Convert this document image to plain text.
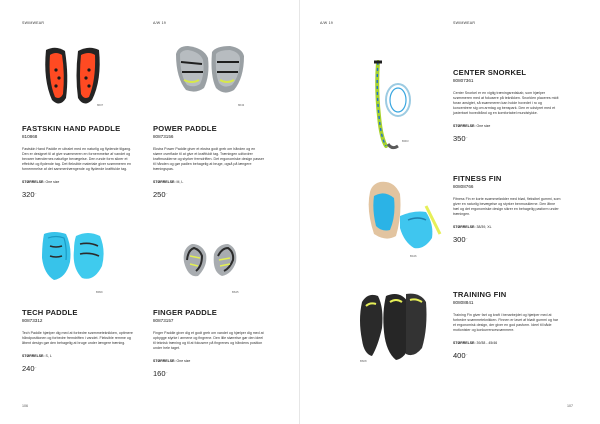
SWIMWEAR	A/W 19	A/W 19	SWIMWEAR
8607	8643
B999	B645
B003
B446
B608
FASTSKIN HAND PADDLE
810868
Fastskin Hand Paddle er ultralet med en naturlig og flydende tilgang. Den er designet til at give svømmeren en fornemmelse af vandet og bevarer hændernes naturlige bevægelse. Den runde form sikrer et effektivt og flydende tag. Det fleksible materiale giver svømmeren en fornemmelse af det sammenhængende og flydende kraftfulde tag.
STØRRELSE: One size
320,-
POWER PADDLE
80873156
Ekstra Power Paddle giver et ekstra godt greb om hånden og en større overflade til at give et kraftfuldt tag. Træningen udfordrer kraftmusklerne og styrker fremdriften. Det ergonomiske design passer til hånden og gør padlen behagelig at bruge, også på længere træningspas.
STØRRELSE: M, L
250,-
TECH PADDLE
80873312
Tech Paddle hjælper dig med at forbedre svømmeteknikken, optimere håndpositionen og forbedre fremdriften i vandet. Fleksible remme og åbent design gør den behagelig at bruge under længere træning.
STØRRELSE: S, L
240,-
FINGER PADDLE
80873157
Finger Paddle giver dig et godt greb om vandet og hjælper dig med at opbygge styrke i armene og fingrene. Den lille størrelse gør den ideel til teknisk træning og til at fokusere på fingrenes og håndens position under hele taget.
STØRRELSE: One size
160,-
CENTER SNORKEL
80807361
Center Snorkel er en vigtig træningsredskab, som hjælper svømmeren med at fokusere på teknikken. Snorklen placeres midt foran ansigtet, så svømmeren kan holde hovedet i ro og koncentrere sig om armtag og benspark. Den er udstyret med et justerbart hovedbånd og en komfortabel mundstykke.
STØRRELSE: One size
350,-
FITNESS FIN
80808766
Fitness Fin er korte svømmefødder med blød, fleksibel gummi, som giver en naturlig bevægelse og styrker benmusklerne. Den åbne hæl og det ergonomiske design sikrer en behagelig pasform under træningen.
STØRRELSE: 38/39, XL
300,-
TRAINING FIN
80808841
Training Fin giver fart og kraft i benarbejdet og hjælper med at forbedre svømmeteknikken. Finnen er lavet af blødt gummi og har et ergonomisk design, der giver en god pasform. Ideel til både motionister og konkurrencesvømmere.
STØRRELSE: 39/38 - 45/46
400,-
106	107
